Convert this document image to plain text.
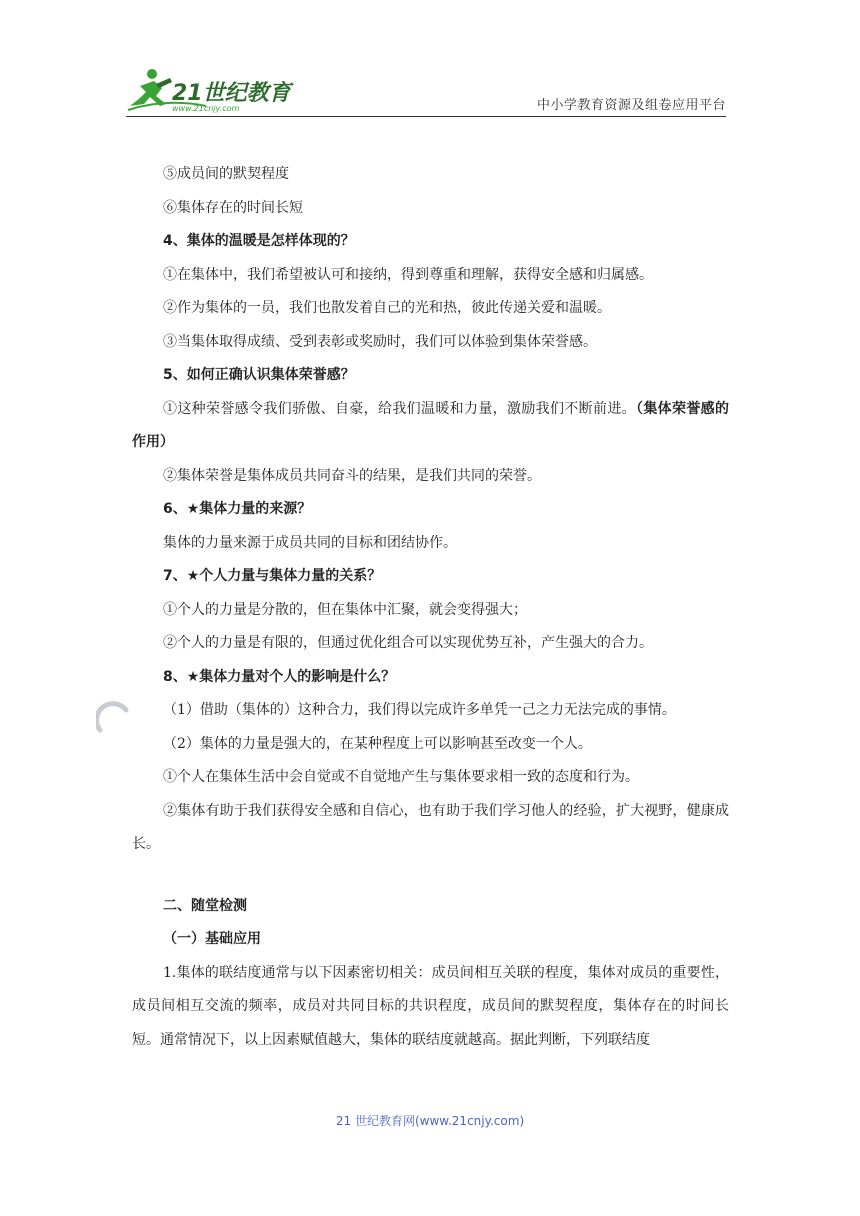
21世纪教育
www.21cnjy.com	中小学教育资源及组卷应用平台

⑤成员间的默契程度

⑥集体存在的时间长短

4、集体的温暖是怎样体现的？

①在集体中，我们希望被认可和接纳，得到尊重和理解，获得安全感和归属感。

②作为集体的一员，我们也散发着自己的光和热，彼此传递关爱和温暖。

③当集体取得成绩、受到表彰或奖励时，我们可以体验到集体荣誉感。

5、如何正确认识集体荣誉感？

①这种荣誉感令我们骄傲、自豪，给我们温暖和力量，激励我们不断前进。（集体荣誉感的作用）

②集体荣誉是集体成员共同奋斗的结果，是我们共同的荣誉。

6、★集体力量的来源？

集体的力量来源于成员共同的目标和团结协作。

7、★个人力量与集体力量的关系？

①个人的力量是分散的，但在集体中汇聚，就会变得强大；

②个人的力量是有限的，但通过优化组合可以实现优势互补，产生强大的合力。

8、★集体力量对个人的影响是什么？

（1）借助（集体的）这种合力，我们得以完成许多单凭一己之力无法完成的事情。

（2）集体的力量是强大的，在某种程度上可以影响甚至改变一个人。

①个人在集体生活中会自觉或不自觉地产生与集体要求相一致的态度和行为。

②集体有助于我们获得安全感和自信心，也有助于我们学习他人的经验，扩大视野，健康成长。

二、随堂检测

（一）基础应用

1.集体的联结度通常与以下因素密切相关：成员间相互关联的程度，集体对成员的重要性，成员间相互交流的频率，成员对共同目标的共识程度，成员间的默契程度，集体存在的时间长短。通常情况下，以上因素赋值越大，集体的联结度就越高。据此判断，下列联结度

21 世纪教育网(www.21cnjy.com)
